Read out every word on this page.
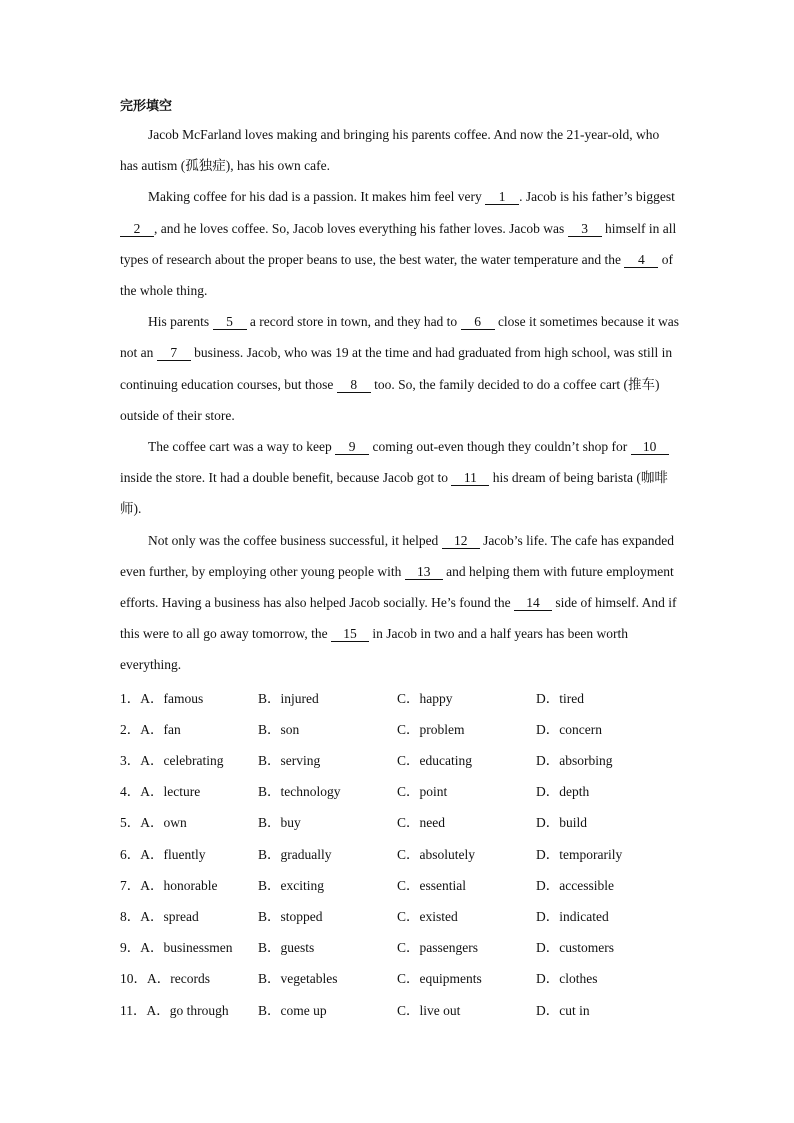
完形填空

Jacob McFarland loves making and bringing his parents coffee. And now the 21-year-old, who has autism (孤独症), has his own cafe.

Making coffee for his dad is a passion. It makes him feel very 1 . Jacob is his father’s biggest 2 , and he loves coffee. So, Jacob loves everything his father loves. Jacob was 3 himself in all types of research about the proper beans to use, the best water, the water temperature and the 4 of the whole thing.

His parents 5 a record store in town, and they had to 6 close it sometimes because it was not an 7 business. Jacob, who was 19 at the time and had graduated from high school, was still in continuing education courses, but those 8 too. So, the family decided to do a coffee cart (推车) outside of their store.

The coffee cart was a way to keep 9 coming out-even though they couldn’t shop for 10 inside the store. It had a double benefit, because Jacob got to 11 his dream of being barista (咖啡师).

Not only was the coffee business successful, it helped 12 Jacob’s life. The cafe has expanded even further, by employing other young people with 13 and helping them with future employment efforts. Having a business has also helped Jacob socially. He’s found the 14 side of himself. And if this were to all go away tomorrow, the 15 in Jacob in two and a half years has been worth everything.

1．A．famous	B．injured	C．happy	D．tired
2．A．fan	B．son	C．problem	D．concern
3．A．celebrating	B．serving	C．educating	D．absorbing
4．A．lecture	B．technology	C．point	D．depth
5．A．own	B．buy	C．need	D．build
6．A．fluently	B．gradually	C．absolutely	D．temporarily
7．A．honorable	B．exciting	C．essential	D．accessible
8．A．spread	B．stopped	C．existed	D．indicated
9．A．businessmen	B．guests	C．passengers	D．customers
10．A．records	B．vegetables	C．equipments	D．clothes
11．A．go through	B．come up	C．live out	D．cut in
